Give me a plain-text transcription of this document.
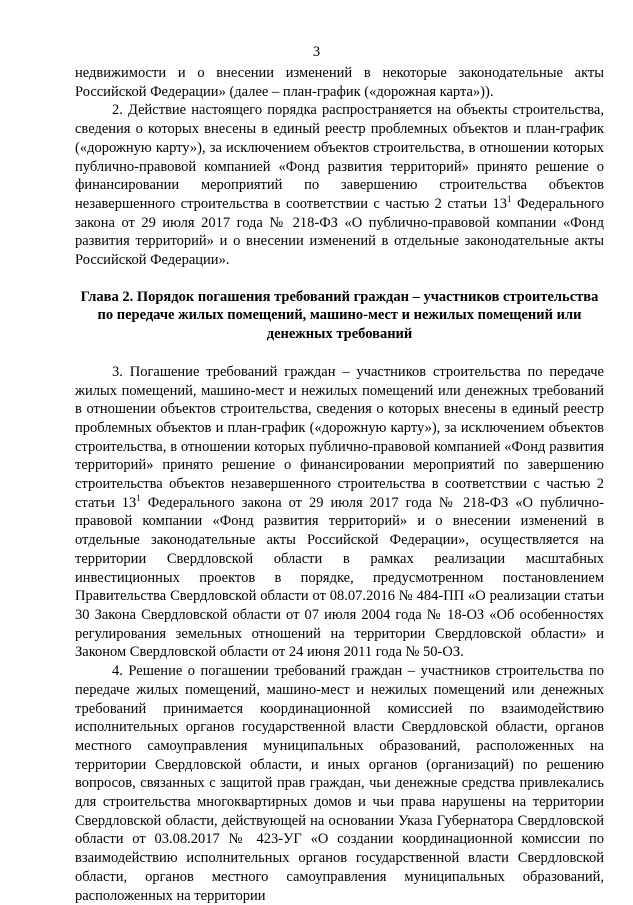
3

недвижимости и о внесении изменений в некоторые законодательные акты Российской Федерации» (далее – план-график («дорожная карта»)).

2. Действие настоящего порядка распространяется на объекты строительства, сведения о которых внесены в единый реестр проблемных объектов и план-график («дорожную карту»), за исключением объектов строительства, в отношении которых публично-правовой компанией «Фонд развития территорий» принято решение о финансировании мероприятий по завершению строительства объектов незавершенного строительства в соответствии с частью 2 статьи $13^1$ Федерального закона от 29 июля 2017 года № 218-ФЗ «О публично-правовой компании «Фонд развития территорий» и о внесении изменений в отдельные законодательные акты Российской Федерации».

Глава 2. Порядок погашения требований граждан – участников строительства по передаче жилых помещений, машино-мест и нежилых помещений или денежных требований

3. Погашение требований граждан – участников строительства по передаче жилых помещений, машино-мест и нежилых помещений или денежных требований в отношении объектов строительства, сведения о которых внесены в единый реестр проблемных объектов и план-график («дорожную карту»), за исключением объектов строительства, в отношении которых публично-правовой компанией «Фонд развития территорий» принято решение о финансировании мероприятий по завершению строительства объектов незавершенного строительства в соответствии с частью 2 статьи $13^1$ Федерального закона от 29 июля 2017 года № 218-ФЗ «О публично-правовой компании «Фонд развития территорий» и о внесении изменений в отдельные законодательные акты Российской Федерации», осуществляется на территории Свердловской области в рамках реализации масштабных инвестиционных проектов в порядке, предусмотренном постановлением Правительства Свердловской области от 08.07.2016 № 484-ПП «О реализации статьи 30 Закона Свердловской области от 07 июля 2004 года № 18-ОЗ «Об особенностях регулирования земельных отношений на территории Свердловской области» и Законом Свердловской области от 24 июня 2011 года № 50-ОЗ.

4. Решение о погашении требований граждан – участников строительства по передаче жилых помещений, машино-мест и нежилых помещений или денежных требований принимается координационной комиссией по взаимодействию исполнительных органов государственной власти Свердловской области, органов местного самоуправления муниципальных образований, расположенных на территории Свердловской области, и иных органов (организаций) по решению вопросов, связанных с защитой прав граждан, чьи денежные средства привлекались для строительства многоквартирных домов и чьи права нарушены на территории Свердловской области, действующей на основании Указа Губернатора Свердловской области от 03.08.2017 № 423-УГ «О создании координационной комиссии по взаимодействию исполнительных органов государственной власти Свердловской области, органов местного самоуправления муниципальных образований, расположенных на территории
